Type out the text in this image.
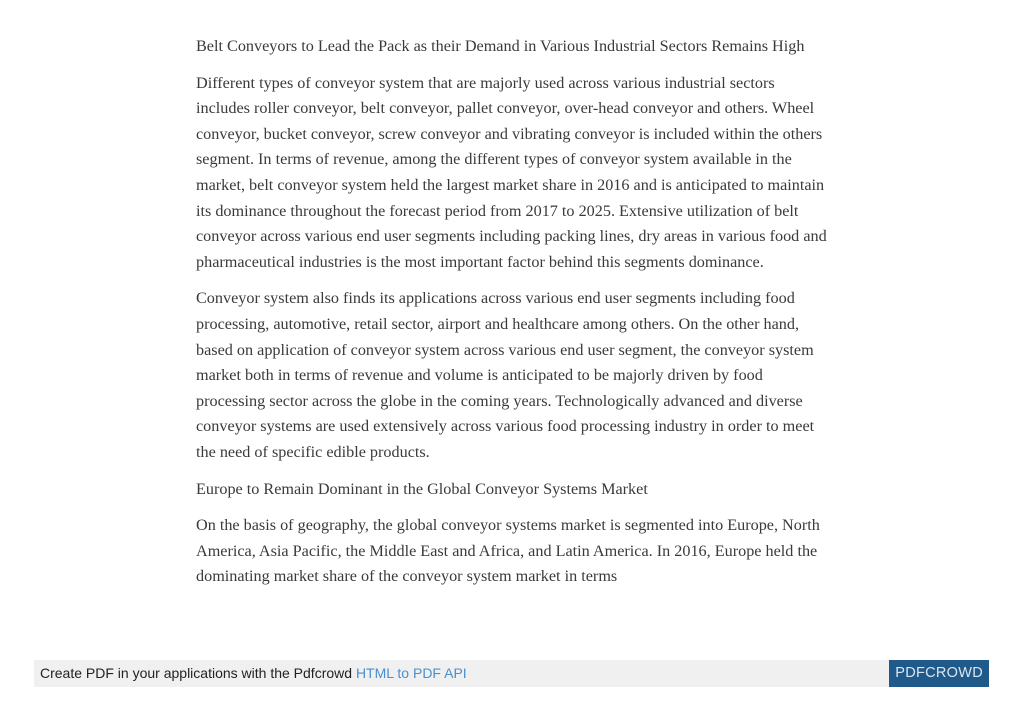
Belt Conveyors to Lead the Pack as their Demand in Various Industrial Sectors Remains High

Different types of conveyor system that are majorly used across various industrial sectors includes roller conveyor, belt conveyor, pallet conveyor, over-head conveyor and others. Wheel conveyor, bucket conveyor, screw conveyor and vibrating conveyor is included within the others segment. In terms of revenue, among the different types of conveyor system available in the market, belt conveyor system held the largest market share in 2016 and is anticipated to maintain its dominance throughout the forecast period from 2017 to 2025. Extensive utilization of belt conveyor across various end user segments including packing lines, dry areas in various food and pharmaceutical industries is the most important factor behind this segments dominance.

Conveyor system also finds its applications across various end user segments including food processing, automotive, retail sector, airport and healthcare among others. On the other hand, based on application of conveyor system across various end user segment, the conveyor system market both in terms of revenue and volume is anticipated to be majorly driven by food processing sector across the globe in the coming years. Technologically advanced and diverse conveyor systems are used extensively across various food processing industry in order to meet the need of specific edible products.

Europe to Remain Dominant in the Global Conveyor Systems Market

On the basis of geography, the global conveyor systems market is segmented into Europe, North America, Asia Pacific, the Middle East and Africa, and Latin America. In 2016, Europe held the dominating market share of the conveyor system market in terms

Create PDF in your applications with the Pdfcrowd HTML to PDF API	PDFCROWD
